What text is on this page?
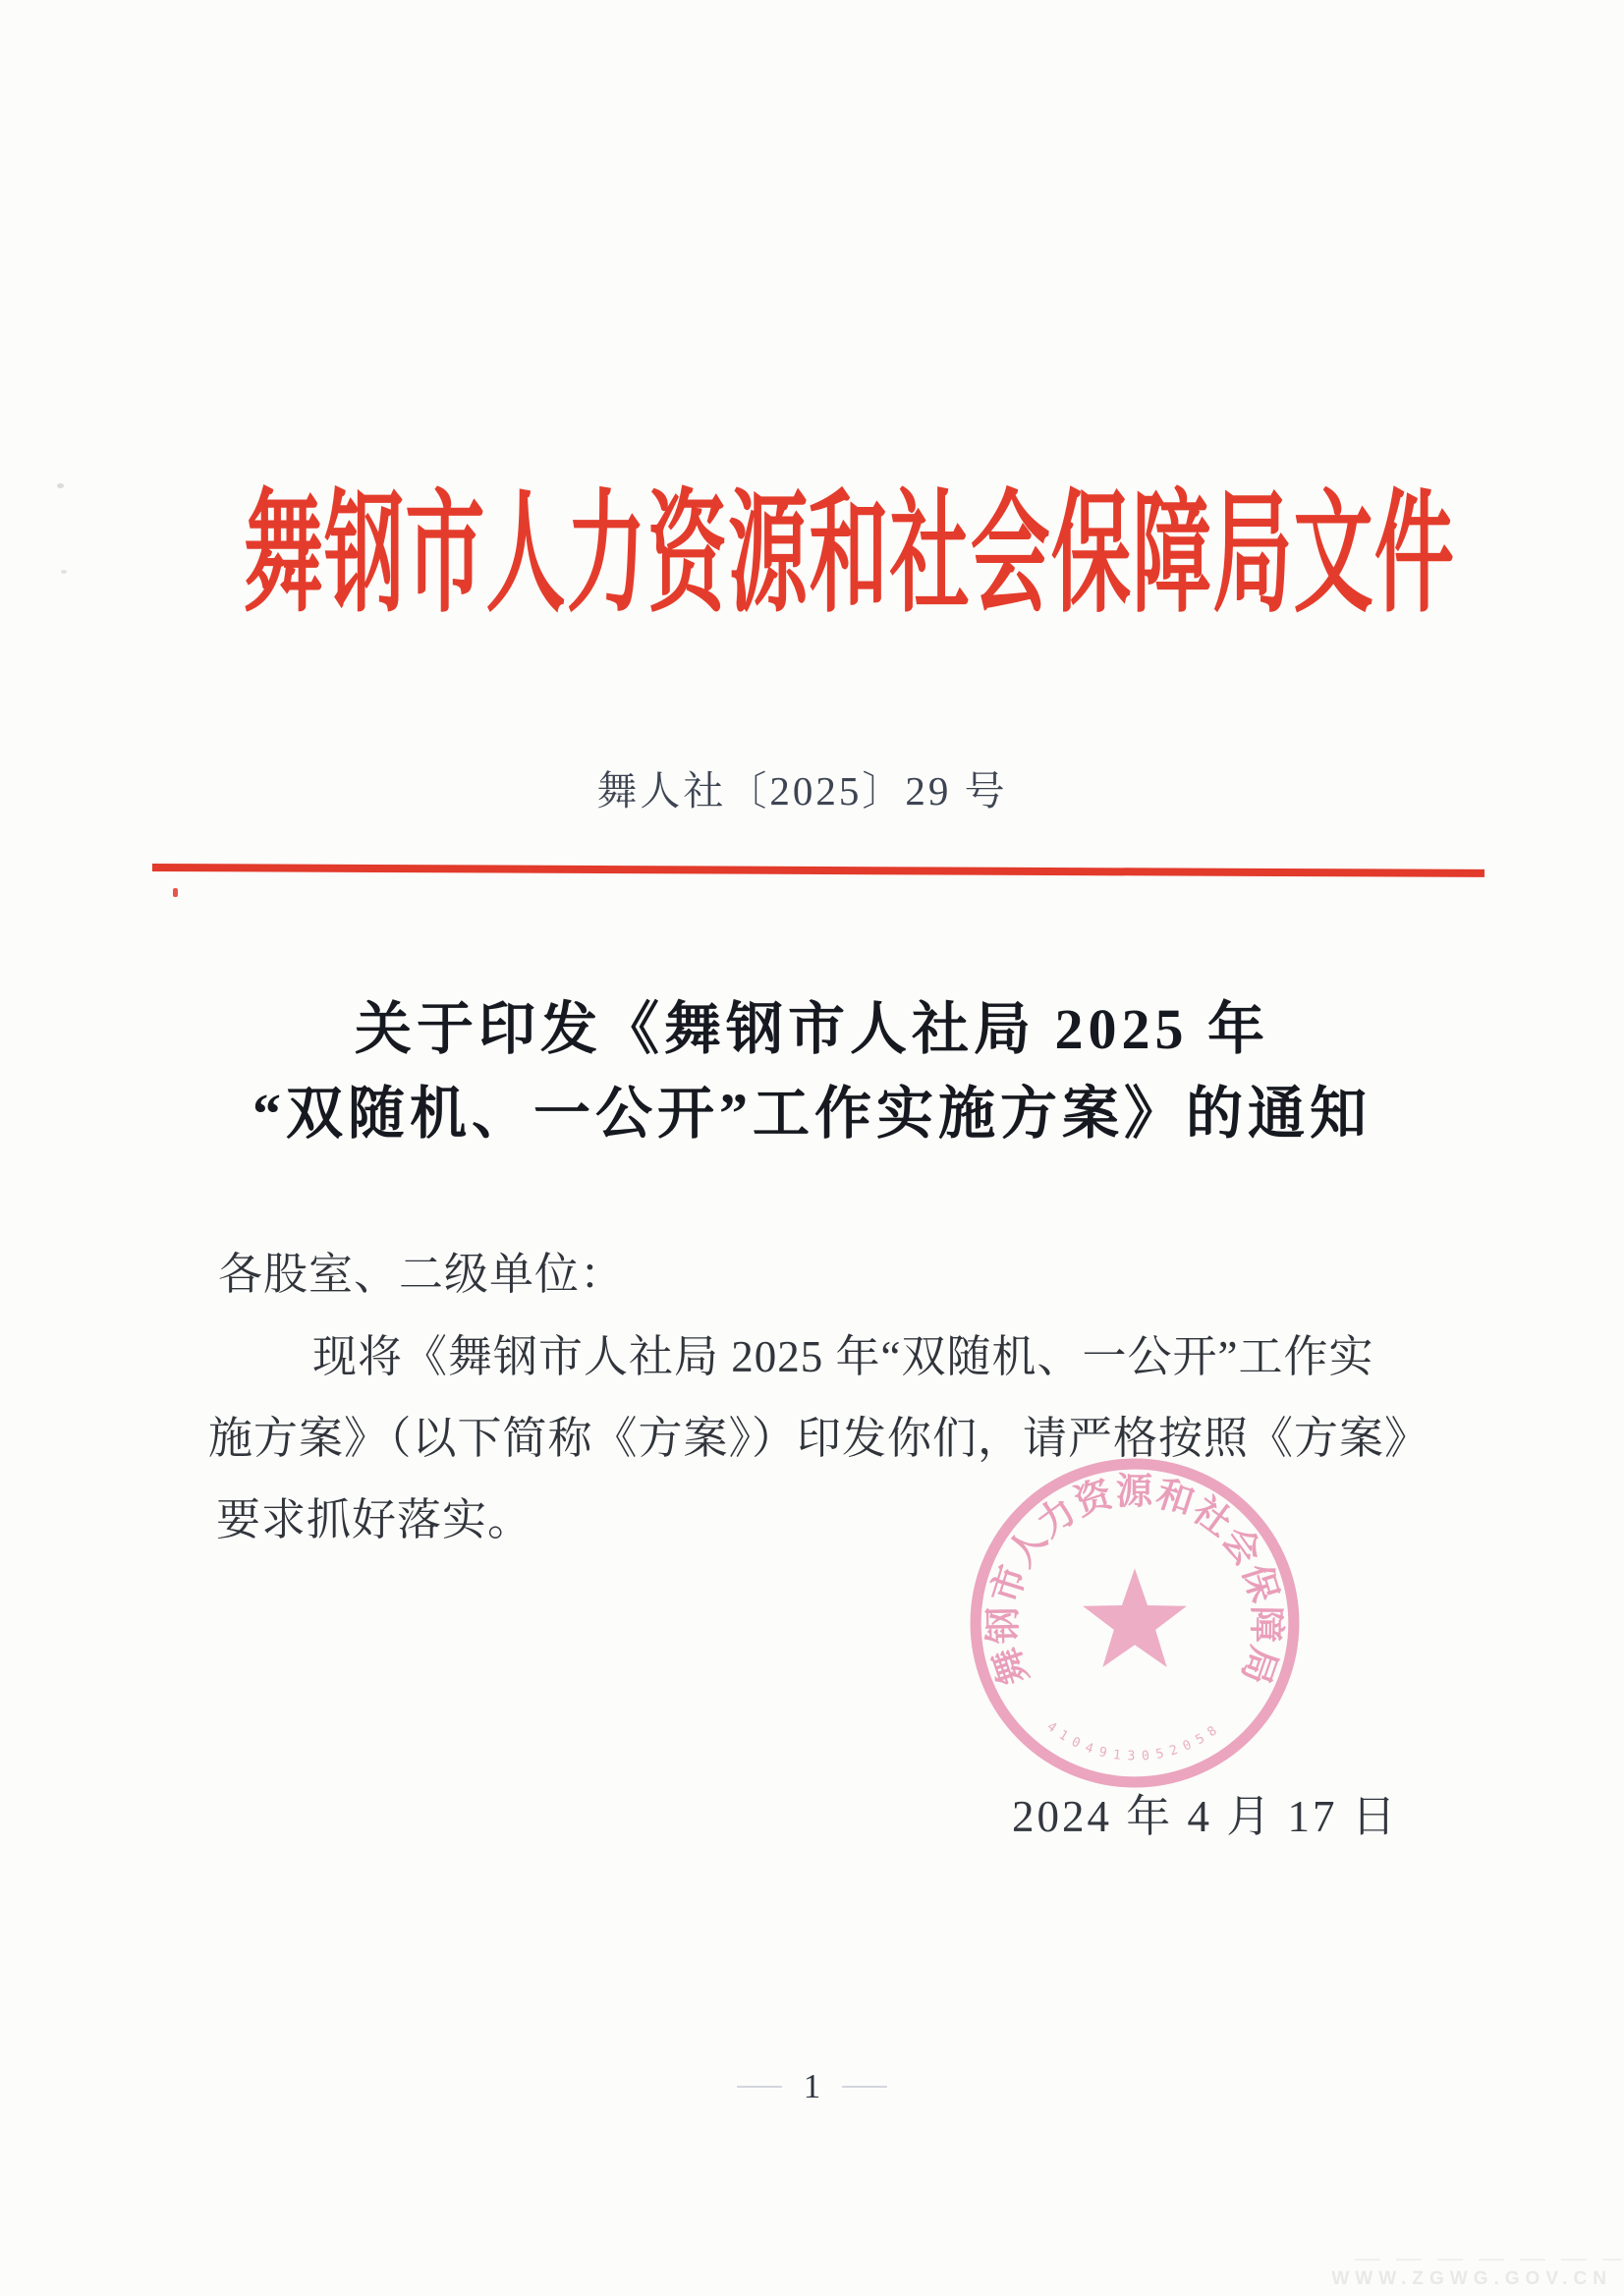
舞钢市人力资源和社会保障局文件
舞人社〔2025〕29 号
关于印发《舞钢市人社局 2025 年
“双随机、一公开”工作实施方案》的通知
各股室、二级单位：
现将《舞钢市人社局 2025 年“双随机、一公开”工作实
施方案》（以下简称《方案》）印发你们，请严格按照《方案》
要求抓好落实。
舞钢市人力资源和社会保障局
4104913052058
2024 年 4 月 17 日
1
WWW.ZGWG.GOV.CN
